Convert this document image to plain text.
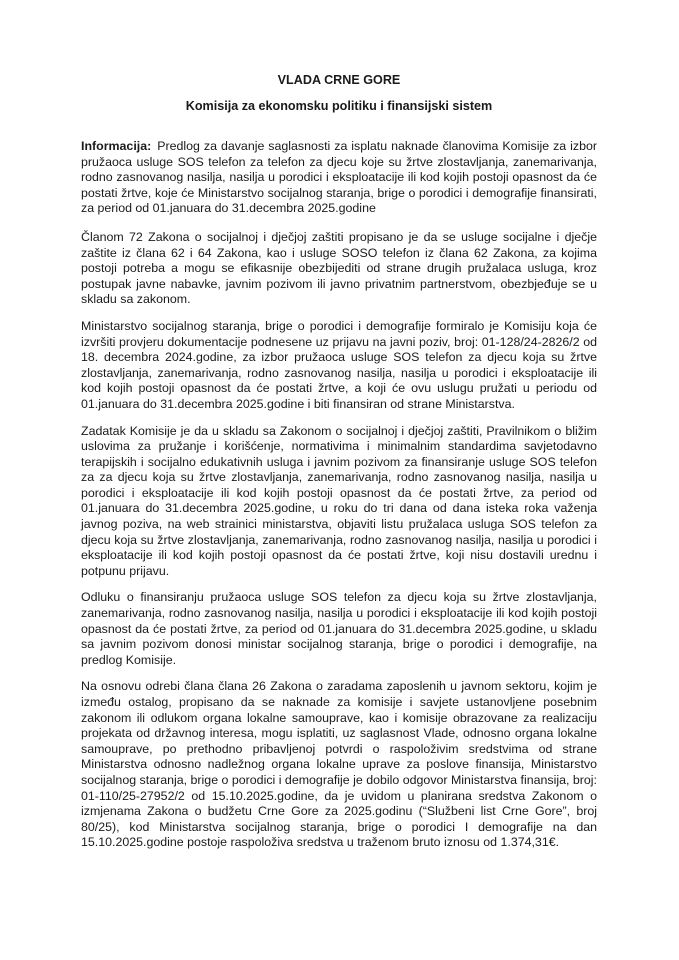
VLADA CRNE GORE
Komisija za ekonomsku politiku i finansijski sistem

Informacija: Predlog za davanje saglasnosti za isplatu naknade članovima Komisije za izbor pružaoca usluge SOS telefon za telefon za djecu koje su žrtve zlostavljanja, zanemarivanja, rodno zasnovanog nasilja, nasilja u porodici i eksploatacije ili kod kojih postoji opasnost da će postati žrtve, koje će Ministarstvo socijalnog staranja, brige o porodici i demografije finansirati, za period od 01.januara do 31.decembra 2025.godine

Članom 72 Zakona o socijalnoj i dječjoj zaštiti propisano je da se usluge socijalne i dječje zaštite iz člana 62 i 64 Zakona, kao i usluge SOSO telefon iz člana 62 Zakona, za kojima postoji potreba a mogu se efikasnije obezbijediti od strane drugih pružalaca usluga, kroz postupak javne nabavke, javnim pozivom ili javno privatnim partnerstvom, obezbjeđuje se u skladu sa zakonom.

Ministarstvo socijalnog staranja, brige o porodici i demografije formiralo je Komisiju koja će izvršiti provjeru dokumentacije podnesene uz prijavu na javni poziv, broj: 01-128/24-2826/2 od 18. decembra 2024.godine, za izbor pružaoca usluge SOS telefon za djecu koja su žrtve zlostavljanja, zanemarivanja, rodno zasnovanog nasilja, nasilja u porodici i eksploatacije ili kod kojih postoji opasnost da će postati žrtve, a koji će ovu uslugu pružati u periodu od 01.januara do 31.decembra 2025.godine i biti finansiran od strane Ministarstva.

Zadatak Komisije je da u skladu sa Zakonom o socijalnoj i dječjoj zaštiti, Pravilnikom o bližim uslovima za pružanje i korišćenje, normativima i minimalnim standardima savjetodavno terapijskih i socijalno edukativnih usluga i javnim pozivom za finansiranje usluge SOS telefon za za djecu koja su žrtve zlostavljanja, zanemarivanja, rodno zasnovanog nasilja, nasilja u porodici i eksploatacije ili kod kojih postoji opasnost da će postati žrtve, za period od 01.januara do 31.decembra 2025.godine, u roku do tri dana od dana isteka roka važenja javnog poziva, na web strainici ministarstva, objaviti listu pružalaca usluga SOS telefon za djecu koja su žrtve zlostavljanja, zanemarivanja, rodno zasnovanog nasilja, nasilja u porodici i eksploatacije ili kod kojih postoji opasnost da će postati žrtve, koji nisu dostavili urednu i potpunu prijavu.

Odluku o finansiranju pružaoca usluge SOS telefon za djecu koja su žrtve zlostavljanja, zanemarivanja, rodno zasnovanog nasilja, nasilja u porodici i eksploatacije ili kod kojih postoji opasnost da će postati žrtve, za period od 01.januara do 31.decembra 2025.godine, u skladu sa javnim pozivom donosi ministar socijalnog staranja, brige o porodici i demografije, na predlog Komisije.

Na osnovu odrebi člana člana 26 Zakona o zaradama zaposlenih u javnom sektoru, kojim je između ostalog, propisano da se naknade za komisije i savjete ustanovljene posebnim zakonom ili odlukom organa lokalne samouprave, kao i komisije obrazovane za realizaciju projekata od državnog interesa, mogu isplatiti, uz saglasnost Vlade, odnosno organa lokalne samouprave, po prethodno pribavljenoj potvrdi o raspoloživim sredstvima od strane Ministarstva odnosno nadležnog organa lokalne uprave za poslove finansija, Ministarstvo socijalnog staranja, brige o porodici i demografije je dobilo odgovor Ministarstva finansija, broj: 01-110/25-27952/2 od 15.10.2025.godine, da je uvidom u planirana sredstva Zakonom o izmjenama Zakona o budžetu Crne Gore za 2025.godinu (“Službeni list Crne Gore”, broj 80/25), kod Ministarstva socijalnog staranja, brige o porodici I demografije na dan 15.10.2025.godine postoje raspoloživa sredstva u traženom bruto iznosu od 1.374,31€.
